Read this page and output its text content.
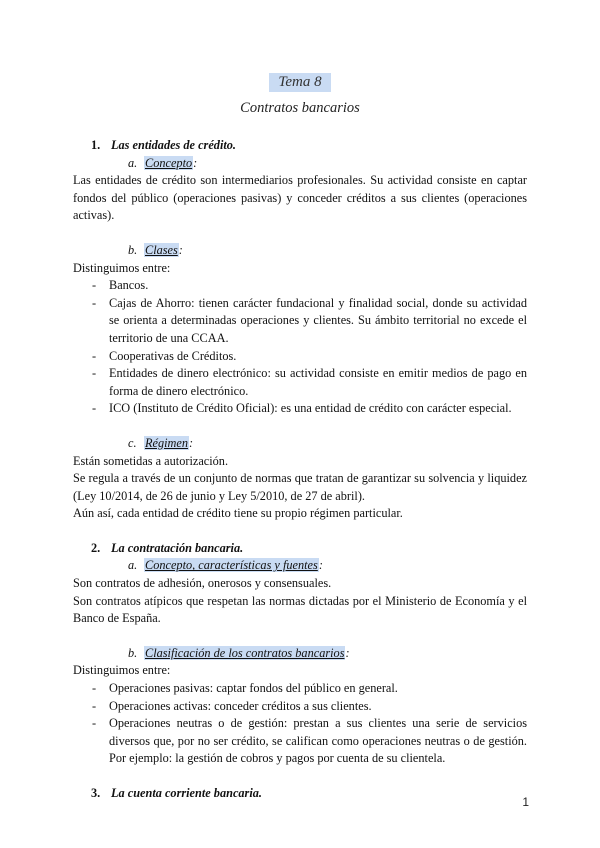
Tema 8
Contratos bancarios
1. Las entidades de crédito.
a. Concepto:

Las entidades de crédito son intermediarios profesionales. Su actividad consiste en captar fondos del público (operaciones pasivas) y conceder créditos a sus clientes (operaciones activas).

b. Clases:

Distinguimos entre:

- Bancos.
- Cajas de Ahorro: tienen carácter fundacional y finalidad social, donde su actividad se orienta a determinadas operaciones y clientes. Su ámbito territorial no excede el territorio de una CCAA.
- Cooperativas de Créditos.
- Entidades de dinero electrónico: su actividad consiste en emitir medios de pago en forma de dinero electrónico.
- ICO (Instituto de Crédito Oficial): es una entidad de crédito con carácter especial.
c. Régimen:

Están sometidas a autorización.

Se regula a través de un conjunto de normas que tratan de garantizar su solvencia y liquidez (Ley 10/2014, de 26 de junio y Ley 5/2010, de 27 de abril).

Aún así, cada entidad de crédito tiene su propio régimen particular.

2. La contratación bancaria.
a. Concepto, características y fuentes:

Son contratos de adhesión, onerosos y consensuales.

Son contratos atípicos que respetan las normas dictadas por el Ministerio de Economía y el Banco de España.

b. Clasificación de los contratos bancarios:

Distinguimos entre:

- Operaciones pasivas: captar fondos del público en general.
- Operaciones activas: conceder créditos a sus clientes.
- Operaciones neutras o de gestión: prestan a sus clientes una serie de servicios diversos que, por no ser crédito, se califican como operaciones neutras o de gestión. Por ejemplo: la gestión de cobros y pagos por cuenta de su clientela.
3. La cuenta corriente bancaria.
1
